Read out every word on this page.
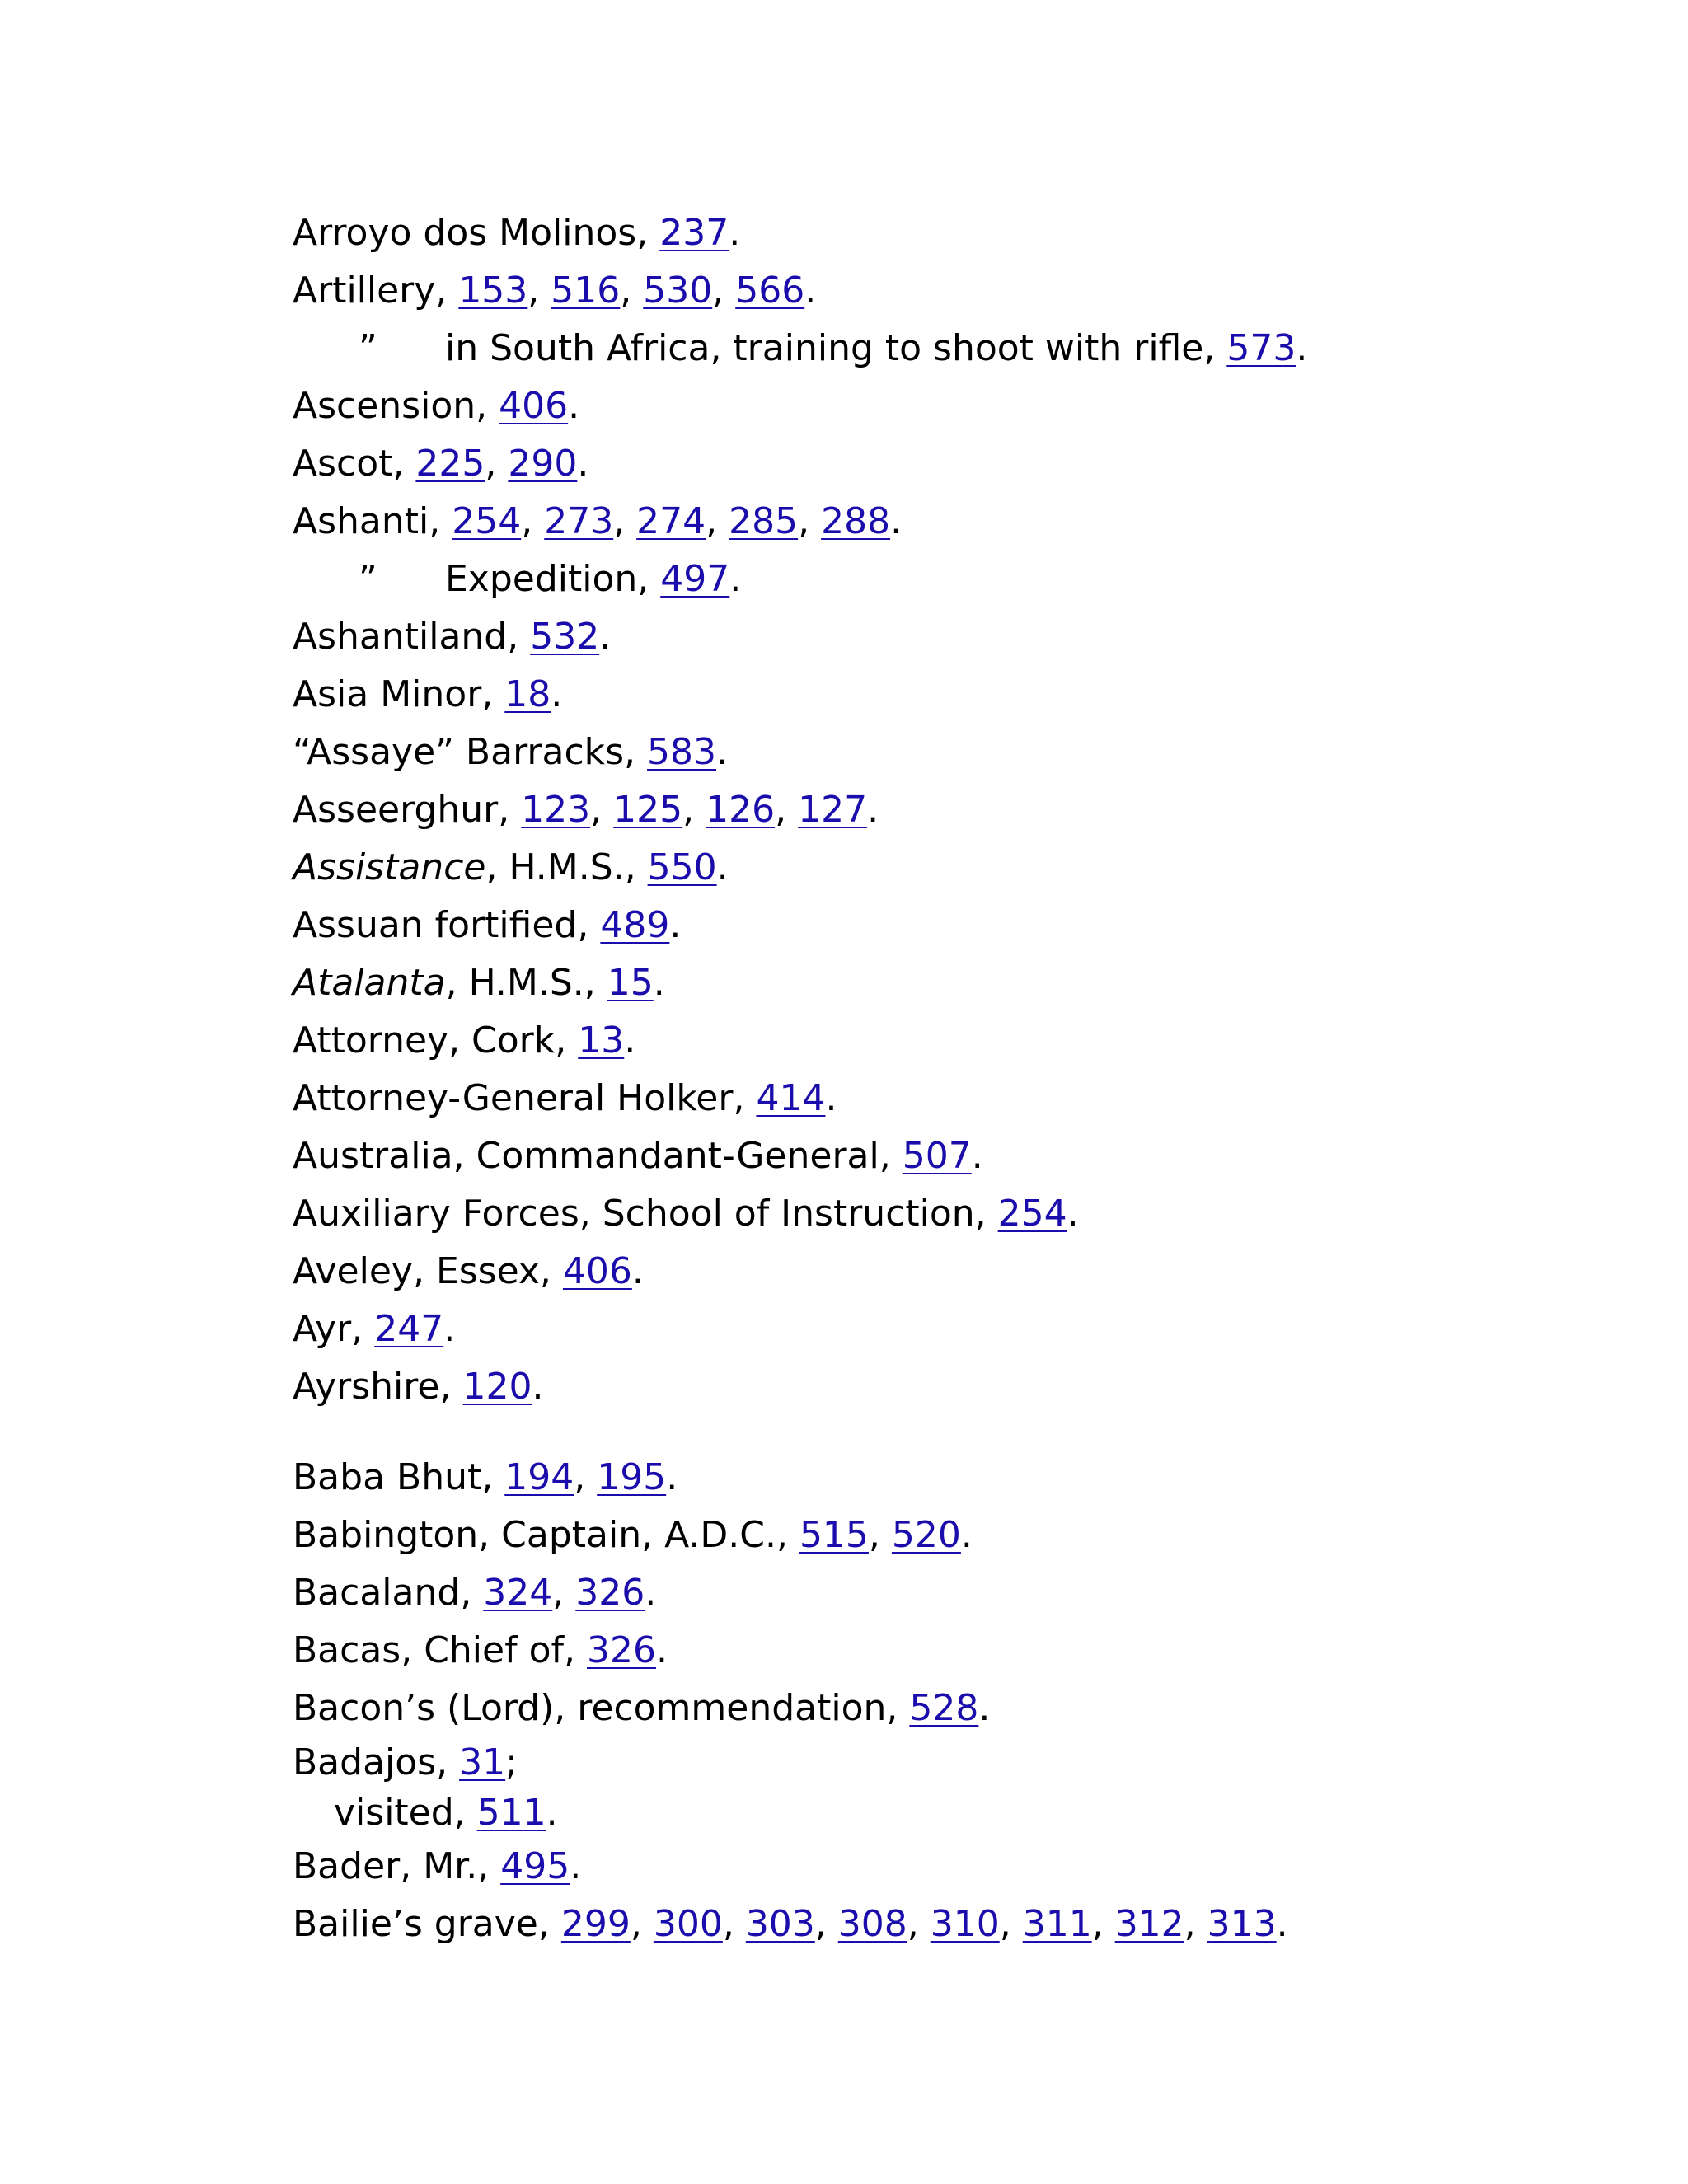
Arroyo dos Molinos, 237.
Artillery, 153, 516, 530, 566.
” in South Africa, training to shoot with rifle, 573.
Ascension, 406.
Ascot, 225, 290.
Ashanti, 254, 273, 274, 285, 288.
” Expedition, 497.
Ashantiland, 532.
Asia Minor, 18.
“Assaye” Barracks, 583.
Asseerghur, 123, 125, 126, 127.
Assistance, H.M.S., 550.
Assuan fortified, 489.
Atalanta, H.M.S., 15.
Attorney, Cork, 13.
Attorney-General Holker, 414.
Australia, Commandant-General, 507.
Auxiliary Forces, School of Instruction, 254.
Aveley, Essex, 406.
Ayr, 247.
Ayrshire, 120.
Baba Bhut, 194, 195.
Babington, Captain, A.D.C., 515, 520.
Bacaland, 324, 326.
Bacas, Chief of, 326.
Bacon’s (Lord), recommendation, 528.
Badajos, 31;
visited, 511.
Bader, Mr., 495.
Bailie’s grave, 299, 300, 303, 308, 310, 311, 312, 313.
